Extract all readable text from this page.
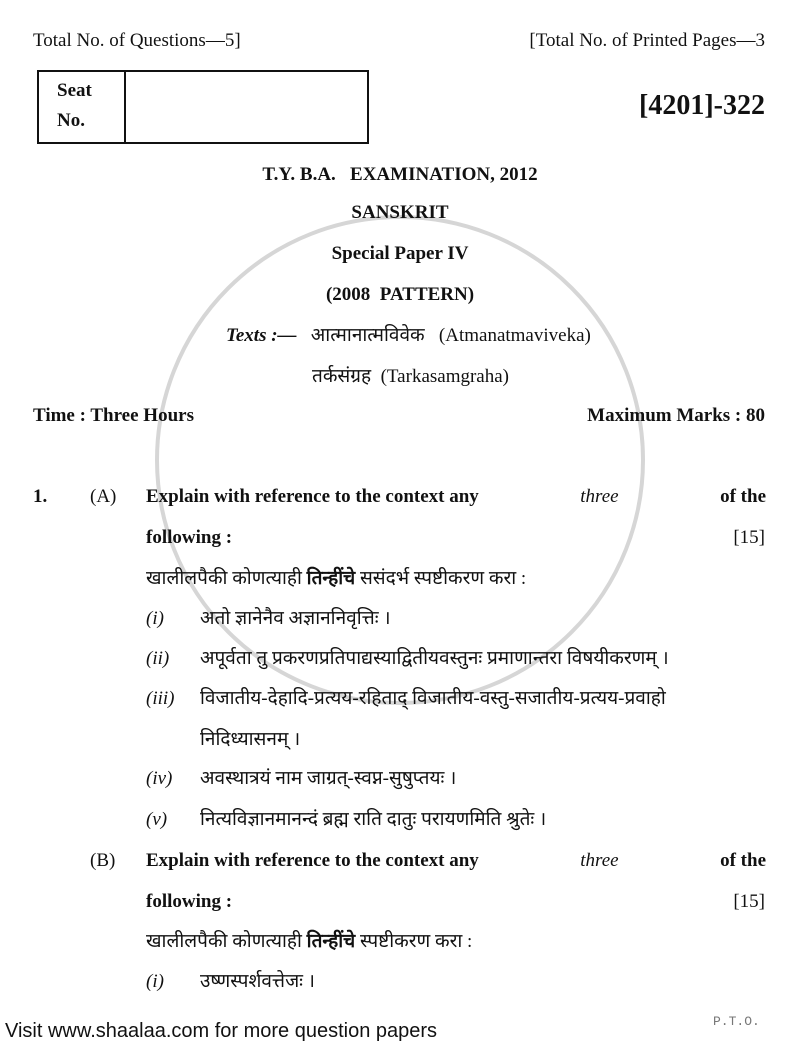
Total No. of Questions—5]	[Total No. of Printed Pages—3
Seat
No.	[4201]-322
T.Y. B.A.   EXAMINATION, 2012
SANSKRIT
Special Paper IV
(2008  PATTERN)
Texts :— आत्मानात्मविवेक (Atmanatmaviveka)
तर्कसंग्रह (Tarkasamgraha)
Time : Three Hours	Maximum Marks : 80
1. (A) Explain with reference to the context any	three	of the
following :	[15]
खालीलपैकी कोणत्याही तिन्हींचे ससंदर्भ स्पष्टीकरण करा :
(i) अतो ज्ञानेनैव अज्ञाननिवृत्तिः ।
(ii) अपूर्वता तु प्रकरणप्रतिपाद्यस्याद्वितीयवस्तुनः प्रमाणान्तरा विषयीकरणम् ।
(iii) विजातीय-देहादि-प्रत्यय-रहिताद् विजातीय-वस्तु-सजातीय-प्रत्यय-प्रवाहो
निदिध्यासनम् ।
(iv) अवस्थात्रयं नाम जाग्रत्-स्वप्न-सुषुप्तयः ।
(v) नित्यविज्ञानमानन्दं ब्रह्म राति दातुः परायणमिति श्रुतेः ।
(B) Explain with reference to the context any	three	of the
following :	[15]
खालीलपैकी कोणत्याही तिन्हींचे स्पष्टीकरण करा :
(i) उष्णस्पर्शवत्तेजः ।
P.T.O.
Visit www.shaalaa.com for more question papers
